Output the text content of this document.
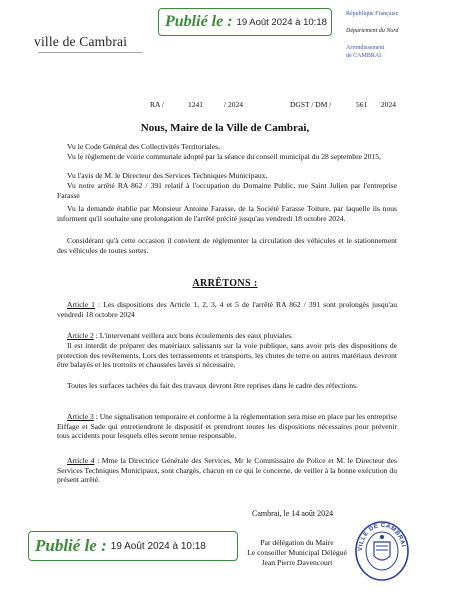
ville de Cambrai
Publié le : 19 Août 2024 à 10:18
République Française
Département du Nord
Arrondissement
de CAMBRAI
RA /	1241	/ 2024	DGST / DM /	561 2024
Nous, Maire de la Ville de Cambrai,
Vu le Code Général des Collectivités Territoriales,
Vu le règlement de voirie communale adopté par la séance du conseil municipal du 28 septembre 2015,
Vu l'avis de M. le Directeur des Services Techniques Municipaux,
Vu notre arrêté RA 862 / 391 relatif à l'occupation du Domaine Public, rue Saint Julien par l'entreprise Farasse
Vu la demande établie par Monsieur Antoine Farasse, de la Société Farasse Toiture, par laquelle ils nous informent qu'il souhaite une prolongation de l'arrêté précité jusqu'au vendredi 18 octobre 2024.
Considérant qu'à cette occasion il convient de réglementer la circulation des véhicules et le stationnement des véhicules de toutes sortes.
ARRÊTONS :
Article 1 : Les dispositions des Article 1, 2, 3, 4 et 5 de l'arrêté RA 862 / 391 sont prolongés jusqu'au vendredi 18 octobre 2024
Article 2 : L'intervenant veillera aux bons écoulements des eaux pluviales.
Il est interdit de préparer des matériaux salissants sur la voie publique, sans avoir pris des dispositions de protection des revêtements. Lors des terrassements et transports, les chutes de terre ou autres matériaux devront être balayés et les trottoirs et chaussées lavés si nécessaire.
Toutes les surfaces tachées du fait des travaux devront être reprises dans le cadre des réfections.
Article 3 : Une signalisation temporaire et conforme à la réglementation sera mise en place par les entreprise Eiffage et Sade qui entretiendront le dispositif et prendront toutes les dispositions nécessaires pour prévenir tous accidents pour lesquels elles seront tenue responsable.
Article 4 : Mme la Directrice Générale des Services, Mr le Commissaire de Police et M. le Directeur des Services Techniques Municipaux, sont chargés, chacun en ce qui le concerne, de veiller à la bonne exécution du présent arrêté.
Cambrai, le 14 août 2024
Par délégation du Maire
Le conseiller Municipal Délégué
Jean Pierre Davencourt
VILLE DE CAMBRAI
Publié le : 19 Août 2024 à 10:18
